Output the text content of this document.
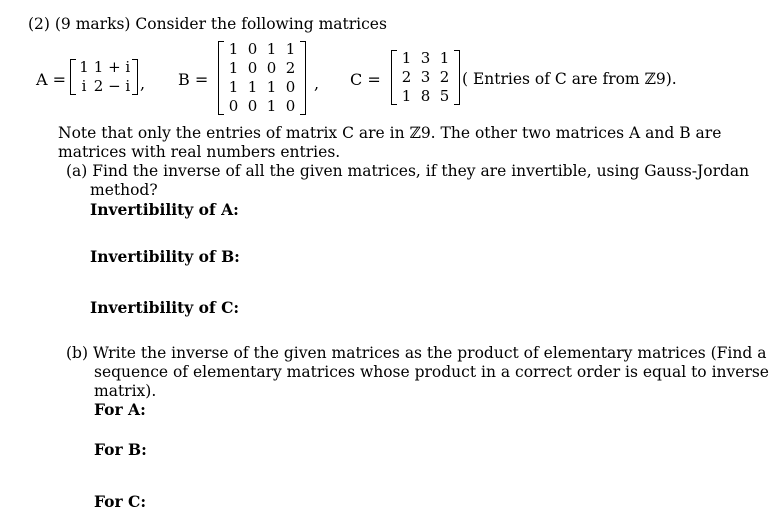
(2) (9 marks) Consider the following matrices
A =
1 1 + i
i 2 − i , B =
1 0 1 1
1 0 0 2
1 1 1 0
0 0 1 0
, C =
1 3 1
2 3 2
1 8 5
( Entries of C are from ℤ9).
Note that only the entries of matrix C are in ℤ9. The other two matrices A and B are
matrices with real numbers entries.
(a) Find the inverse of all the given matrices, if they are invertible, using Gauss-Jordan
method?
Invertibility of A:
Invertibility of B:
Invertibility of C:
(b) Write the inverse of the given matrices as the product of elementary matrices (Find a
sequence of elementary matrices whose product in a correct order is equal to inverse
matrix).
For A:
For B:
For C:
